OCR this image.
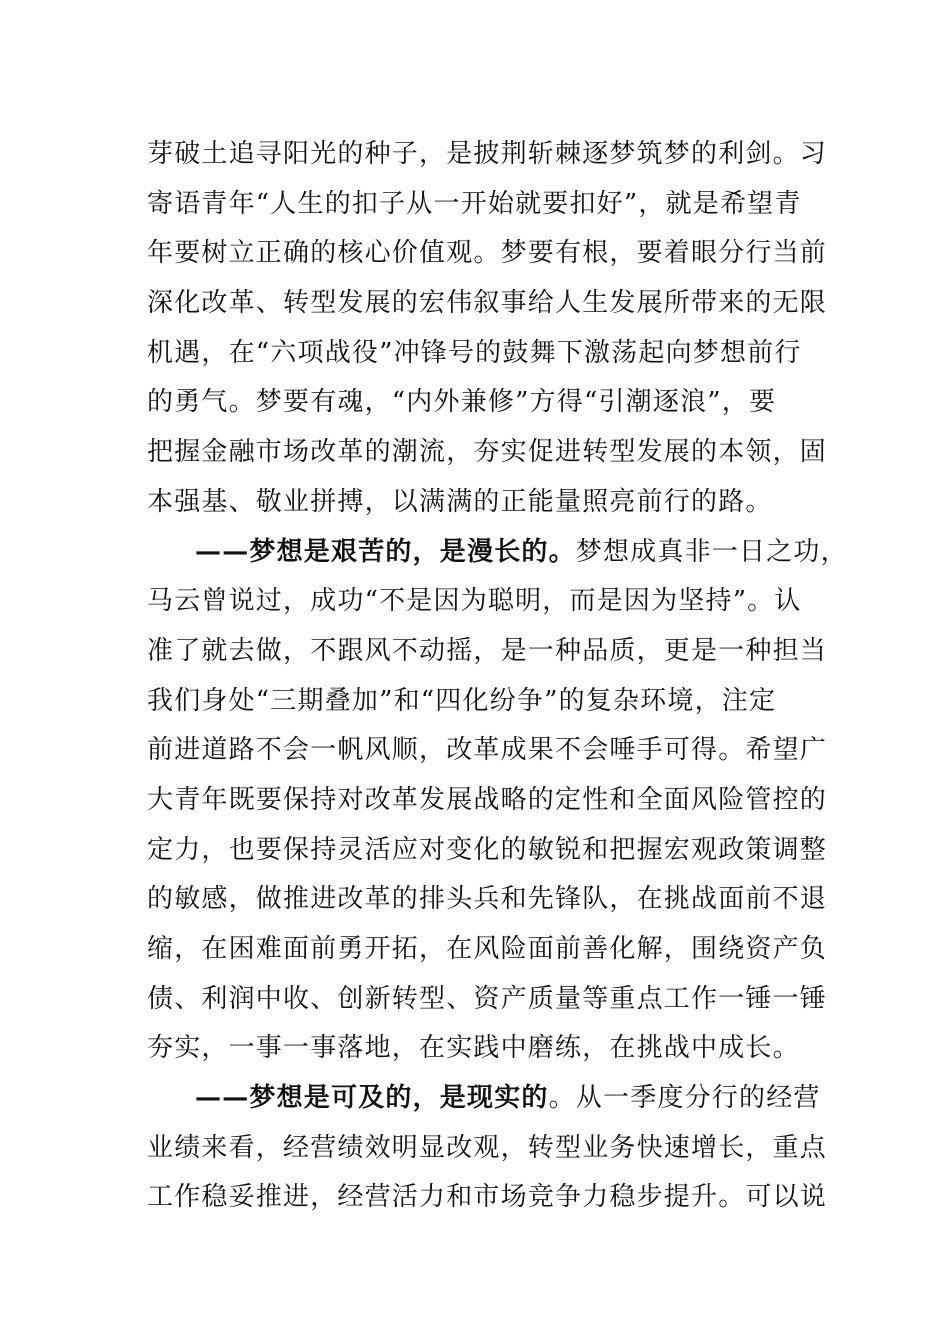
芽破土追寻阳光的种子，是披荆斩棘逐梦筑梦的利剑。习
寄语青年“人生的扣子从一开始就要扣好”，就是希望青
年要树立正确的核心价值观。梦要有根，要着眼分行当前
深化改革、转型发展的宏伟叙事给人生发展所带来的无限
机遇，在“六项战役”冲锋号的鼓舞下激荡起向梦想前行
的勇气。梦要有魂，“内外兼修”方得“引潮逐浪”，要
把握金融市场改革的潮流，夯实促进转型发展的本领，固
本强基、敬业拼搏，以满满的正能量照亮前行的路。
——梦想是艰苦的，是漫长的。梦想成真非一日之功，
马云曾说过，成功“不是因为聪明，而是因为坚持”。认
准了就去做，不跟风不动摇，是一种品质，更是一种担当
我们身处“三期叠加”和“四化纷争”的复杂环境，注定
前进道路不会一帆风顺，改革成果不会唾手可得。希望广
大青年既要保持对改革发展战略的定性和全面风险管控的
定力，也要保持灵活应对变化的敏锐和把握宏观政策调整
的敏感，做推进改革的排头兵和先锋队，在挑战面前不退
缩，在困难面前勇开拓，在风险面前善化解，围绕资产负
债、利润中收、创新转型、资产质量等重点工作一锤一锤
夯实，一事一事落地，在实践中磨练，在挑战中成长。
——梦想是可及的，是现实的。从一季度分行的经营
业绩来看，经营绩效明显改观，转型业务快速增长，重点
工作稳妥推进，经营活力和市场竞争力稳步提升。可以说
